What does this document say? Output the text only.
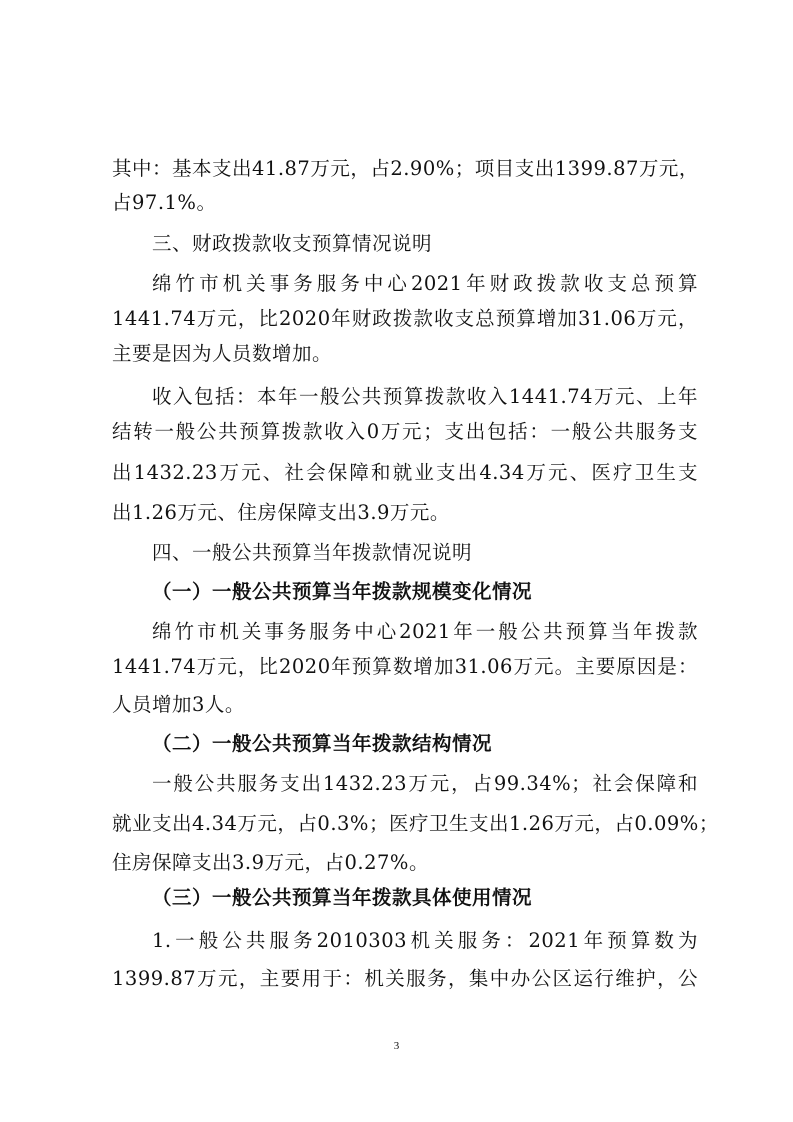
其中：基本支出41.87万元，占2.90%；项目支出1399.87万元，
占97.1%。
三、财政拨款收支预算情况说明
绵竹市机关事务服务中心2021年财政拨款收支总预算
1441.74万元，比2020年财政拨款收支总预算增加31.06万元，
主要是因为人员数增加。
收入包括：本年一般公共预算拨款收入1441.74万元、上年
结转一般公共预算拨款收入0万元；支出包括：一般公共服务支
出1432.23万元、社会保障和就业支出4.34万元、医疗卫生支
出1.26万元、住房保障支出3.9万元。
四、一般公共预算当年拨款情况说明
（一）一般公共预算当年拨款规模变化情况
绵竹市机关事务服务中心2021年一般公共预算当年拨款
1441.74万元，比2020年预算数增加31.06万元。主要原因是：
人员增加3人。
（二）一般公共预算当年拨款结构情况
一般公共服务支出1432.23万元，占99.34%；社会保障和
就业支出4.34万元，占0.3%；医疗卫生支出1.26万元，占0.09%；
住房保障支出3.9万元，占0.27%。
（三）一般公共预算当年拨款具体使用情况
1.一般公共服务2010303机关服务：2021年预算数为
1399.87万元，主要用于：机关服务，集中办公区运行维护，公
3
